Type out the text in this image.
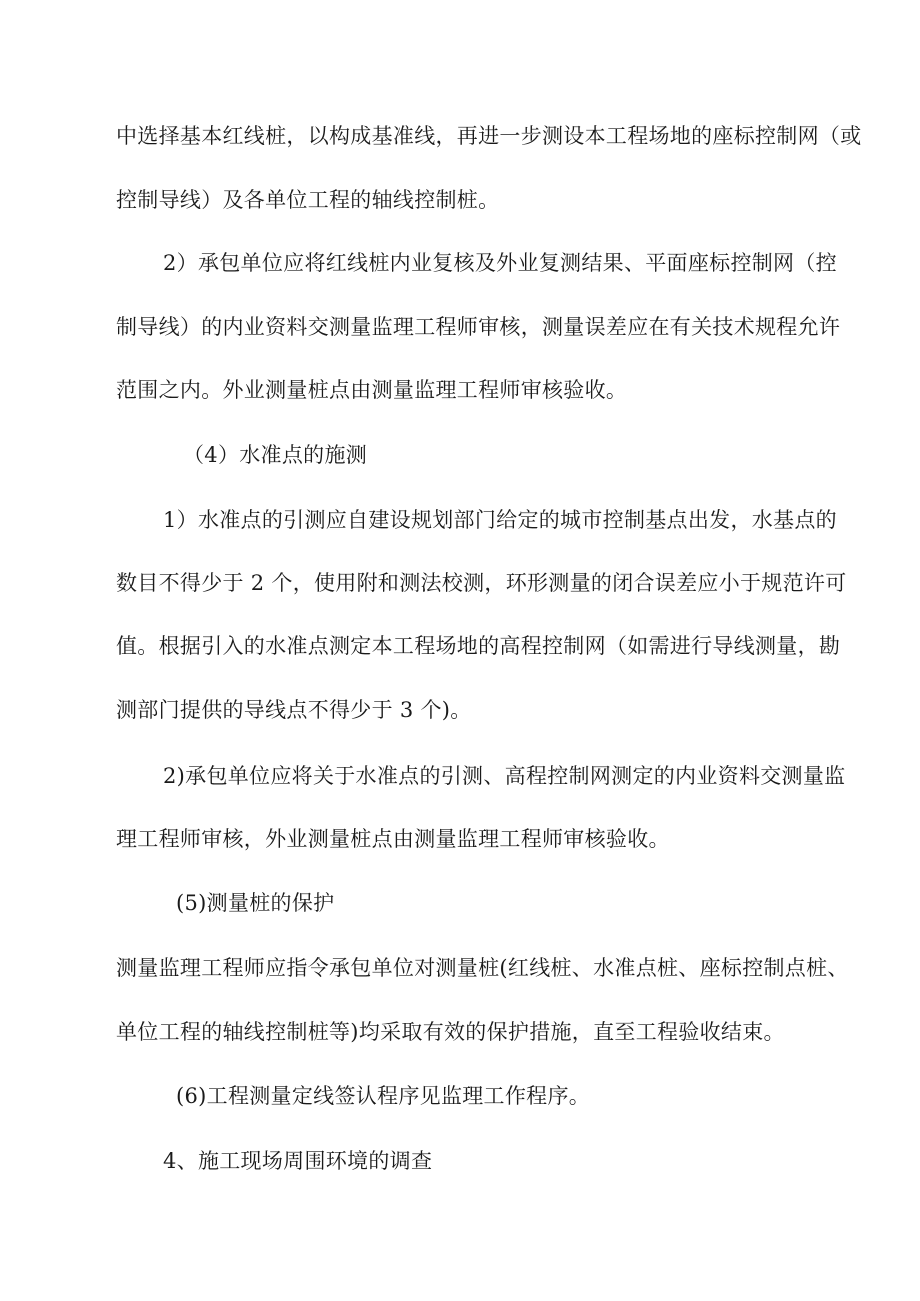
中选择基本红线桩，以构成基准线，再进一步测设本工程场地的座标控制网（或
控制导线）及各单位工程的轴线控制桩。
2）承包单位应将红线桩内业复核及外业复测结果、平面座标控制网（控
制导线）的内业资料交测量监理工程师审核，测量误差应在有关技术规程允许
范围之内。外业测量桩点由测量监理工程师审核验收。
（4）水准点的施测
1）水准点的引测应自建设规划部门给定的城市控制基点出发，水基点的
数目不得少于 2 个，使用附和测法校测，环形测量的闭合误差应小于规范许可
值。根据引入的水准点测定本工程场地的高程控制网（如需进行导线测量，勘
测部门提供的导线点不得少于 3 个)。
2)承包单位应将关于水准点的引测、高程控制网测定的内业资料交测量监
理工程师审核，外业测量桩点由测量监理工程师审核验收。
(5)测量桩的保护
测量监理工程师应指令承包单位对测量桩(红线桩、水准点桩、座标控制点桩、
单位工程的轴线控制桩等)均采取有效的保护措施，直至工程验收结束。
(6)工程测量定线签认程序见监理工作程序。
4、施工现场周围环境的调查
